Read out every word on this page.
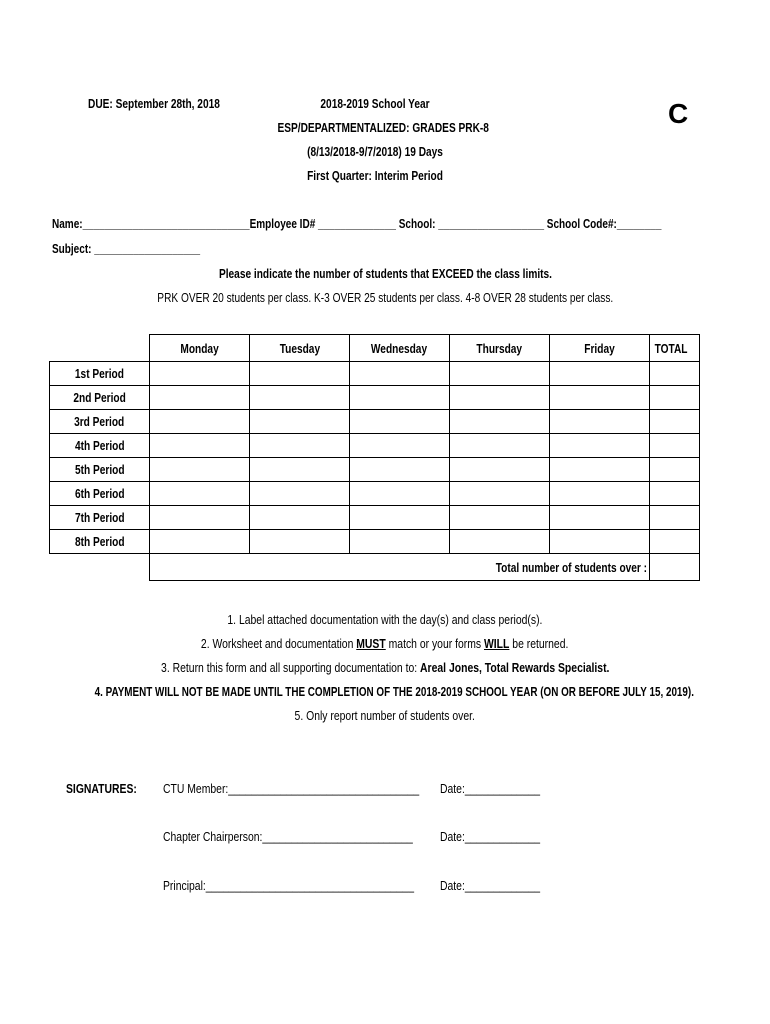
DUE: September 28th, 2018	2018-2019 School Year
ESP/DEPARTMENTALIZED: GRADES PRK-8
(8/13/2018-9/7/2018) 19 Days
First Quarter: Interim Period
C
Name:______________________________Employee ID# ______________ School: ___________________ School Code#:________
Subject: ___________________
Please indicate the number of students that EXCEED the class limits.
PRK OVER 20 students per class. K-3 OVER 25 students per class. 4-8 OVER 28 students per class.
	Monday	Tuesday	Wednesday	Thursday	Friday	TOTAL
1st Period						
2nd Period						
3rd Period						
4th Period						
5th Period						
6th Period						
7th Period						
8th Period						
	Total number of students over :					
1. Label attached documentation with the day(s) and class period(s).
2. Worksheet and documentation MUST match or your forms WILL be returned.
3. Return this form and all supporting documentation to: Areal Jones, Total Rewards Specialist.
4. PAYMENT WILL NOT BE MADE UNTIL THE COMPLETION OF THE 2018-2019 SCHOOL YEAR (ON OR BEFORE JULY 15, 2019).
5. Only report number of students over.
SIGNATURES: CTU Member:_________________________________ Date:_____________
Chapter Chairperson:__________________________ Date:_____________
Principal:____________________________________ Date:_____________
